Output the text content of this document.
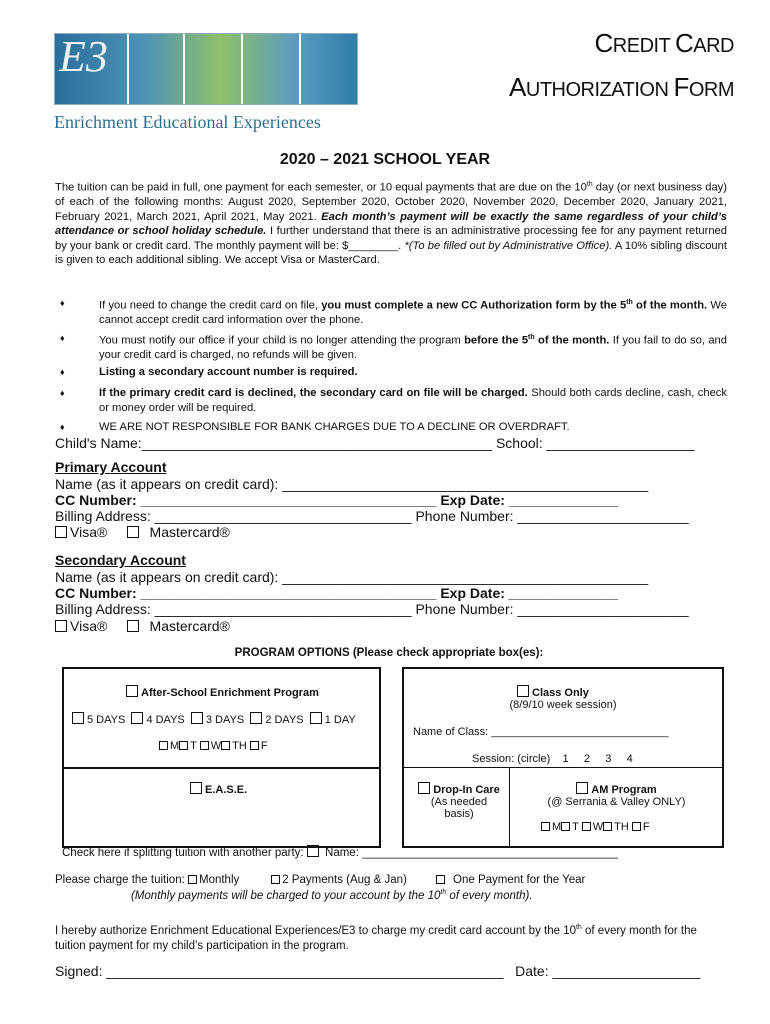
E3
Enrichment Educational Experiences
CREDIT CARD
AUTHORIZATION FORM
2020 – 2021 SCHOOL YEAR
The tuition can be paid in full, one payment for each semester, or 10 equal payments that are due on the 10th day (or next business day) of each of the following months: August 2020, September 2020, October 2020, November 2020, December 2020, January 2021, February 2021, March 2021, April 2021, May 2021. Each month’s payment will be exactly the same regardless of your child’s attendance or school holiday schedule. I further understand that there is an administrative processing fee for any payment returned by your bank or credit card. The monthly payment will be: $________. *(To be filled out by Administrative Office). A 10% sibling discount is given to each additional sibling. We accept Visa or MasterCard.
♦	If you need to change the credit card on file, you must complete a new CC Authorization form by the 5th of the month. We cannot accept credit card information over the phone.
♦	You must notify our office if your child is no longer attending the program before the 5th of the month. If you fail to do so, and your credit card is charged, no refunds will be given.
♦	Listing a secondary account number is required.
♦	If the primary credit card is declined, the secondary card on file will be charged. Should both cards decline, cash, check or money order will be required.
♦	WE ARE NOT RESPONSIBLE FOR BANK CHARGES DUE TO A DECLINE OR OVERDRAFT.
Child's Name:_____________________________________________ School: ___________________
Primary Account
Name (as it appears on credit card): _______________________________________________
CC Number: ______________________________________ Exp Date: ______________
Billing Address: _________________________________ Phone Number: ______________________
Visa®	Mastercard®
Secondary Account
Name (as it appears on credit card): _______________________________________________
CC Number: ______________________________________ Exp Date: ______________
Billing Address: _________________________________ Phone Number: ______________________
Visa®	Mastercard®
PROGRAM OPTIONS (Please check appropriate box(es):
After-School Enrichment Program
5 DAYS 4 DAYS 3 DAYS 2 DAYS 1 DAY
M T W TH F
E.A.S.E.
Class Only
(8/9/10 week session)
Name of Class: _____________________________
Session: (circle)    1     2     3     4
Drop-In Care
(As needed
basis)
AM Program
(@ Serrania & Valley ONLY)
M T W TH F
Check here if splitting tuition with another party:  Name: ________________________________________
Please charge the tuition: Monthly	2 Payments (Aug & Jan)	One Payment for the Year
(Monthly payments will be charged to your account by the 10th of every month).
I hereby authorize Enrichment Educational Experiences/E3 to charge my credit card account by the 10th of every month for the tuition payment for my child’s participation in the program.
Signed: ___________________________________________________ Date: ___________________
